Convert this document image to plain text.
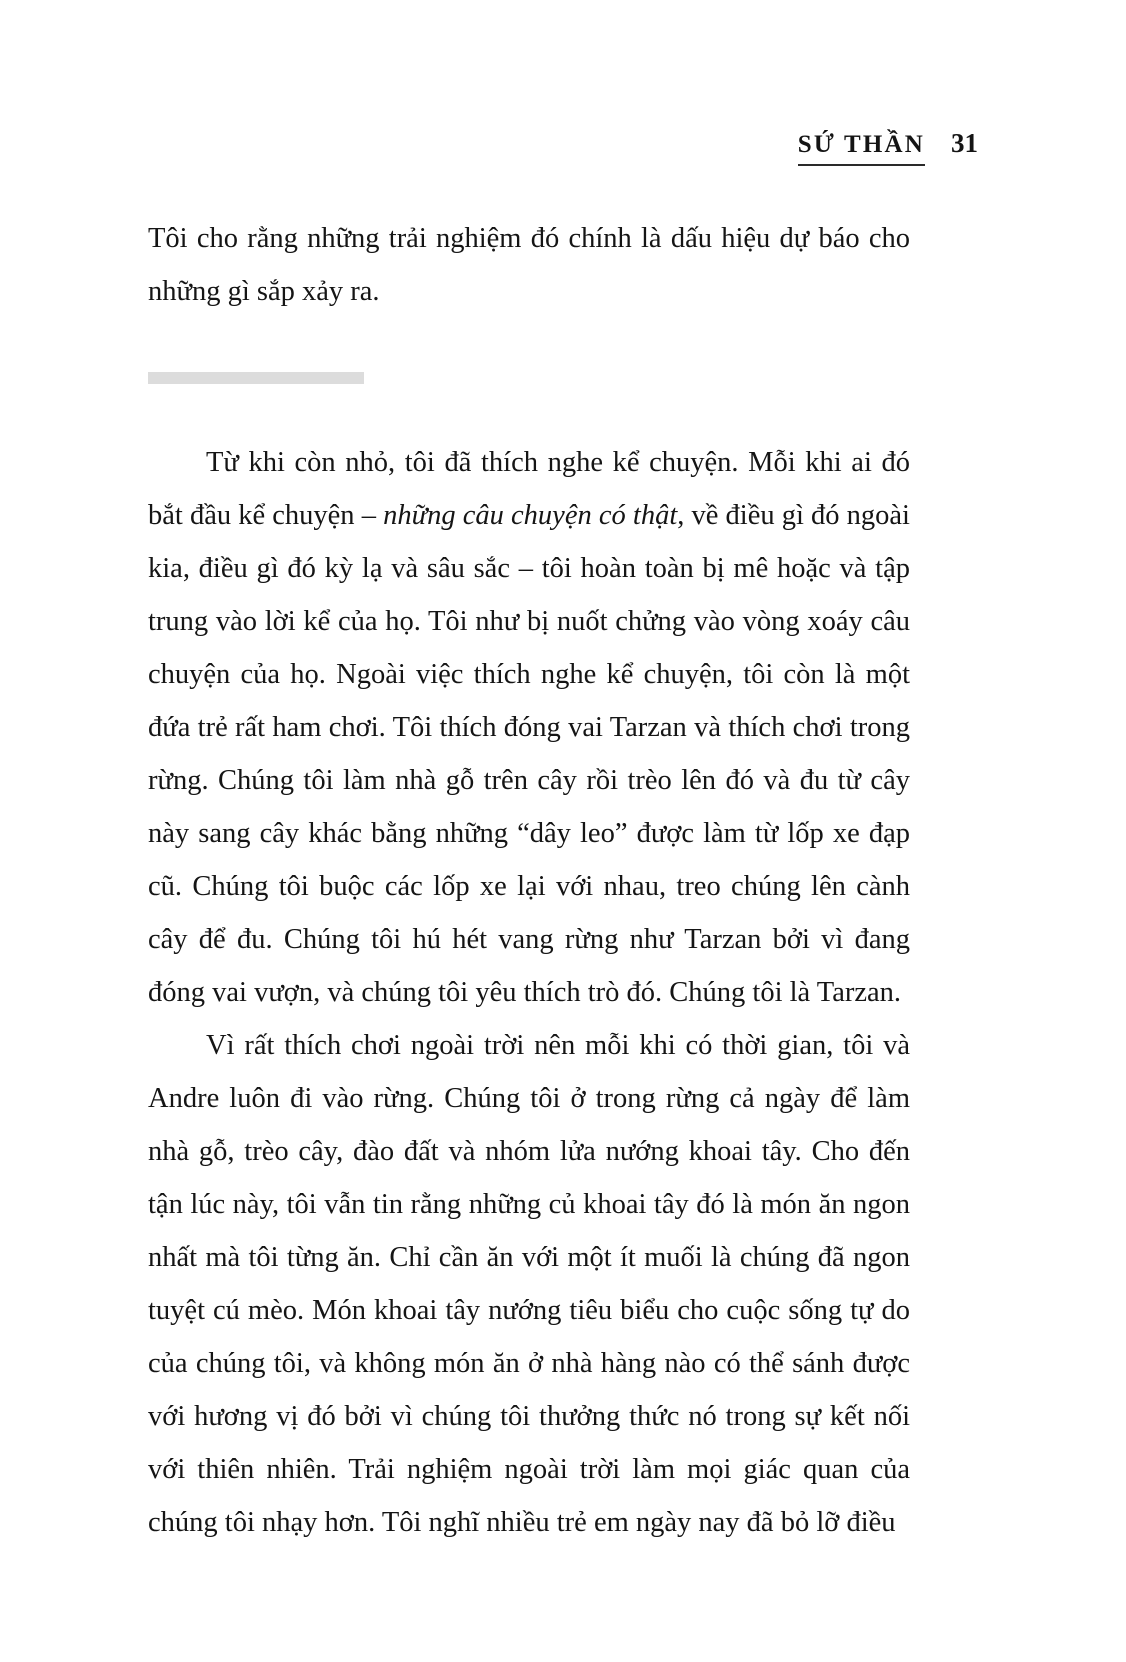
SỨ THẦN 31

Tôi cho rằng những trải nghiệm đó chính là dấu hiệu dự báo cho những gì sắp xảy ra.

Từ khi còn nhỏ, tôi đã thích nghe kể chuyện. Mỗi khi ai đó bắt đầu kể chuyện – những câu chuyện có thật, về điều gì đó ngoài kia, điều gì đó kỳ lạ và sâu sắc – tôi hoàn toàn bị mê hoặc và tập trung vào lời kể của họ. Tôi như bị nuốt chửng vào vòng xoáy câu chuyện của họ. Ngoài việc thích nghe kể chuyện, tôi còn là một đứa trẻ rất ham chơi. Tôi thích đóng vai Tarzan và thích chơi trong rừng. Chúng tôi làm nhà gỗ trên cây rồi trèo lên đó và đu từ cây này sang cây khác bằng những “dây leo” được làm từ lốp xe đạp cũ. Chúng tôi buộc các lốp xe lại với nhau, treo chúng lên cành cây để đu. Chúng tôi hú hét vang rừng như Tarzan bởi vì đang đóng vai vượn, và chúng tôi yêu thích trò đó. Chúng tôi là Tarzan.

Vì rất thích chơi ngoài trời nên mỗi khi có thời gian, tôi và Andre luôn đi vào rừng. Chúng tôi ở trong rừng cả ngày để làm nhà gỗ, trèo cây, đào đất và nhóm lửa nướng khoai tây. Cho đến tận lúc này, tôi vẫn tin rằng những củ khoai tây đó là món ăn ngon nhất mà tôi từng ăn. Chỉ cần ăn với một ít muối là chúng đã ngon tuyệt cú mèo. Món khoai tây nướng tiêu biểu cho cuộc sống tự do của chúng tôi, và không món ăn ở nhà hàng nào có thể sánh được với hương vị đó bởi vì chúng tôi thưởng thức nó trong sự kết nối với thiên nhiên. Trải nghiệm ngoài trời làm mọi giác quan của chúng tôi nhạy hơn. Tôi nghĩ nhiều trẻ em ngày nay đã bỏ lỡ điều
